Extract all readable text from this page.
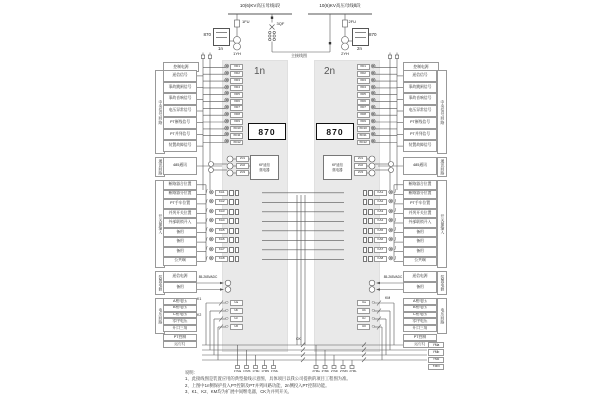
10(6)KV高压母线Ⅰ段	10(6)KV高压母线Ⅱ段
3QF
主接线图
1FU	2FU
1YH	2YH
870	870
1n	2n
控制电源
中央信号回路
遥信信号
事故跳闸信号
事故音响信号
电压异常信号
PT断线信号
PT并列信号
装置故障信号
通讯回路	485通讯
开关量输入
断路器合位置
断路器分位置
PT手车位置
并列开关位置
外部联锁开入
备用
备用
备用
公共端
装置电源	遥信电源
备用
电压回路
A相电压
B相电压
C相电压
零序电压
开口三角
PT控制
运行灯
85-265VADC
控制电源
中央信号回路
遥信信号
事故跳闸信号
事故音响信号
电压异常信号
PT断线信号
PT并列信号
装置故障信号
通讯回路
485通讯
开关量输入
断路器合位置
断路器分位置
PT手车位置
并列开关位置
外部联锁开入
备用
备用
备用
公共端
装置电源
遥信电源
备用
电压回路
A相电压
B相电压
C相电压
零序电压
开口三角
PT控制
运行灯
85-265VADC
1n	2n
870	870
⊗	XD1
⊗	XD2
⊗	XD3
⊗	XD4
⊗	XD5
⊗	XD6
⊗	XD7
⊗	XD8
⊗	XD9
⊗	XD10
⊗	XD11
⊗	XD12
⊗
XD1
⊗
XD2
⊗
XD3
⊗
XD4
⊗
XD5
⊗
XD6
⊗
XD7
⊗
XD8
⊗
XD9
⊗
XD10
⊗
XD11
⊗
XD12
KF遥信
继电器
KF遥信
继电器
ZJ1
ZJ2
ZJ3
ZJ1
ZJ2
ZJ3
/ ⊗	KA1
/ ⊗	KA2
/ ⊗	KA3
/ ⊗	KA4
/ ⊗	KA5
/ ⊗	KA6
/ ⊗	KA7
/ ⊗	KA8
/
⊗
KA1
/
⊗
KA2
/
⊗
KA3
/
⊗
KA4
/
⊗
KA5
/
⊗
KA6
/
⊗
KA7
/
⊗
KA8
○	Ua
○	Ub
○	Uc
○	U0
○
Ua
○
Ub
○
Uc
○
U0
K1
K2
KM
CK
YMa
YMb
YMc
YMN
1YMa 1YMb 1YMc 1YMN 1YML	2YMa 2YMb 2YMc 2YMN 2YML
说明：
1、此接线图是装置应用的典型接线示意图，具体项目以我公司提供的项目工程图为准。
2、上图中1n侧保护投入PT控制及PT并列回路功能，2n侧投入PT控制功能。
3、K1、K2、KM均为扩展中间继电器，CK为并列开关。
